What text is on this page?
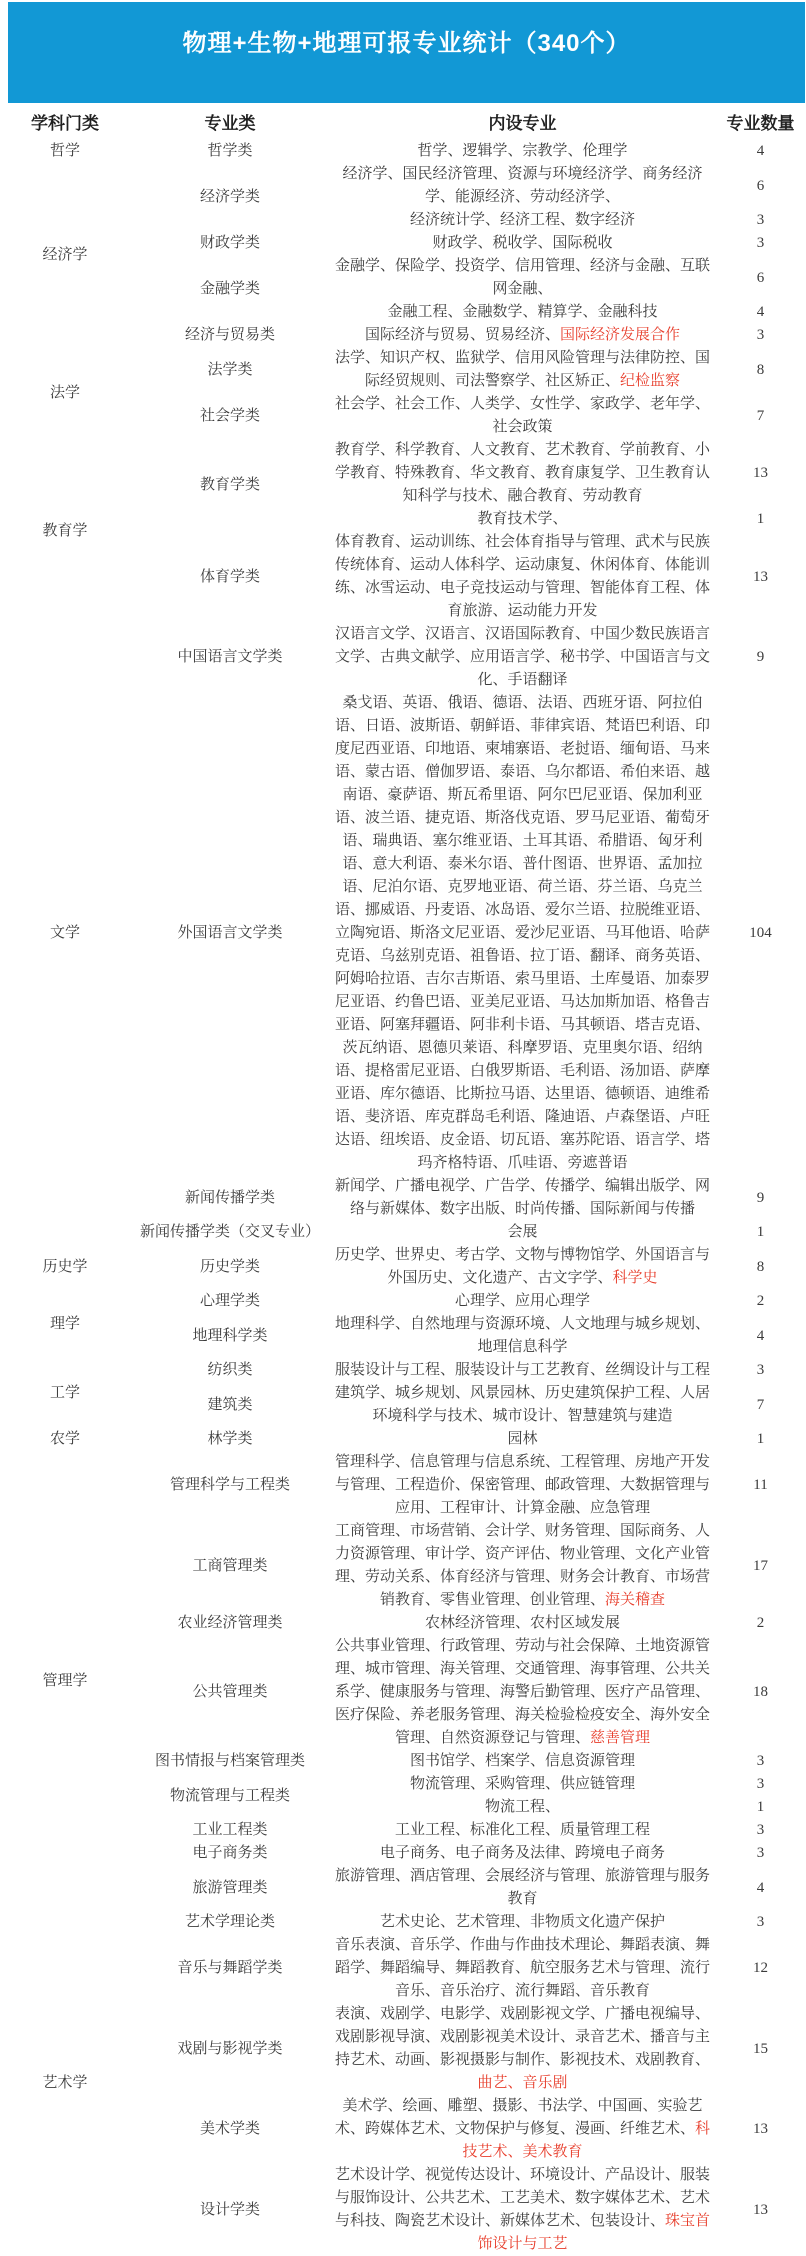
物理+生物+地理可报专业统计（340个）
学科门类	专业类	内设专业	专业数量
哲学	哲学类	哲学、逻辑学、宗教学、伦理学	4
经济学	经济学类	经济学、国民经济管理、资源与环境经济学、商务经济学、能源经济、劳动经济学、	6
		经济统计学、经济工程、数字经济	3
	财政学类	财政学、税收学、国际税收	3
	金融学类	金融学、保险学、投资学、信用管理、经济与金融、互联网金融、	6
		金融工程、金融数学、精算学、金融科技	4
	经济与贸易类	国际经济与贸易、贸易经济、国际经济发展合作	3
法学	法学类	法学、知识产权、监狱学、信用风险管理与法律防控、国际经贸规则、司法警察学、社区矫正、纪检监察	8
	社会学类	社会学、社会工作、人类学、女性学、家政学、老年学、社会政策	7
教育学	教育学类	教育学、科学教育、人文教育、艺术教育、学前教育、小学教育、特殊教育、华文教育、教育康复学、卫生教育认知科学与技术、融合教育、劳动教育	13
		教育技术学、	1
	体育学类	体育教育、运动训练、社会体育指导与管理、武术与民族传统体育、运动人体科学、运动康复、休闲体育、体能训练、冰雪运动、电子竞技运动与管理、智能体育工程、体育旅游、运动能力开发	13
文学	中国语言文学类	汉语言文学、汉语言、汉语国际教育、中国少数民族语言文学、古典文献学、应用语言学、秘书学、中国语言与文化、手语翻译	9
	外国语言文学类	桑戈语、英语、俄语、德语、法语、西班牙语、阿拉伯语、日语、波斯语、朝鲜语、菲律宾语、梵语巴利语、印度尼西亚语、印地语、柬埔寨语、老挝语、缅甸语、马来语、蒙古语、僧伽罗语、泰语、乌尔都语、希伯来语、越南语、豪萨语、斯瓦希里语、阿尔巴尼亚语、保加利亚语、波兰语、捷克语、斯洛伐克语、罗马尼亚语、葡萄牙语、瑞典语、塞尔维亚语、土耳其语、希腊语、匈牙利语、意大利语、泰米尔语、普什图语、世界语、孟加拉语、尼泊尔语、克罗地亚语、荷兰语、芬兰语、乌克兰语、挪威语、丹麦语、冰岛语、爱尔兰语、拉脱维亚语、立陶宛语、斯洛文尼亚语、爱沙尼亚语、马耳他语、哈萨克语、乌兹别克语、祖鲁语、拉丁语、翻译、商务英语、阿姆哈拉语、吉尔吉斯语、索马里语、土库曼语、加泰罗尼亚语、约鲁巴语、亚美尼亚语、马达加斯加语、格鲁吉亚语、阿塞拜疆语、阿非利卡语、马其顿语、塔吉克语、茨瓦纳语、恩德贝莱语、科摩罗语、克里奥尔语、绍纳语、提格雷尼亚语、白俄罗斯语、毛利语、汤加语、萨摩亚语、库尔德语、比斯拉马语、达里语、德顿语、迪维希语、斐济语、库克群岛毛利语、隆迪语、卢森堡语、卢旺达语、纽埃语、皮金语、切瓦语、塞苏陀语、语言学、塔玛齐格特语、爪哇语、旁遮普语	104
	新闻传播学类	新闻学、广播电视学、广告学、传播学、编辑出版学、网络与新媒体、数字出版、时尚传播、国际新闻与传播	9
	新闻传播学类（交叉专业）	会展	1
历史学	历史学类	历史学、世界史、考古学、文物与博物馆学、外国语言与外国历史、文化遗产、古文字学、科学史	8
理学	心理学类	心理学、应用心理学	2
	地理科学类	地理科学、自然地理与资源环境、人文地理与城乡规划、地理信息科学	4
工学	纺织类	服装设计与工程、服装设计与工艺教育、丝绸设计与工程	3
	建筑类	建筑学、城乡规划、风景园林、历史建筑保护工程、人居环境科学与技术、城市设计、智慧建筑与建造	7
农学	林学类	园林	1
管理学	管理科学与工程类	管理科学、信息管理与信息系统、工程管理、房地产开发与管理、工程造价、保密管理、邮政管理、大数据管理与应用、工程审计、计算金融、应急管理	11
	工商管理类	工商管理、市场营销、会计学、财务管理、国际商务、人力资源管理、审计学、资产评估、物业管理、文化产业管理、劳动关系、体育经济与管理、财务会计教育、市场营销教育、零售业管理、创业管理、海关稽查	17
	农业经济管理类	农林经济管理、农村区域发展	2
	公共管理类	公共事业管理、行政管理、劳动与社会保障、土地资源管理、城市管理、海关管理、交通管理、海事管理、公共关系学、健康服务与管理、海警后勤管理、医疗产品管理、医疗保险、养老服务管理、海关检验检疫安全、海外安全管理、自然资源登记与管理、慈善管理	18
	图书情报与档案管理类	图书馆学、档案学、信息资源管理	3
	物流管理与工程类	物流管理、采购管理、供应链管理	3
		物流工程、	1
	工业工程类	工业工程、标准化工程、质量管理工程	3
	电子商务类	电子商务、电子商务及法律、跨境电子商务	3
	旅游管理类	旅游管理、酒店管理、会展经济与管理、旅游管理与服务教育	4
艺术学	艺术学理论类	艺术史论、艺术管理、非物质文化遗产保护	3
	音乐与舞蹈学类	音乐表演、音乐学、作曲与作曲技术理论、舞蹈表演、舞蹈学、舞蹈编导、舞蹈教育、航空服务艺术与管理、流行音乐、音乐治疗、流行舞蹈、音乐教育	12
	戏剧与影视学类	表演、戏剧学、电影学、戏剧影视文学、广播电视编导、戏剧影视导演、戏剧影视美术设计、录音艺术、播音与主持艺术、动画、影视摄影与制作、影视技术、戏剧教育、曲艺、音乐剧	15
	美术学类	美术学、绘画、雕塑、摄影、书法学、中国画、实验艺术、跨媒体艺术、文物保护与修复、漫画、纤维艺术、科技艺术、美术教育	13
	设计学类	艺术设计学、视觉传达设计、环境设计、产品设计、服装与服饰设计、公共艺术、工艺美术、数字媒体艺术、艺术与科技、陶瓷艺术设计、新媒体艺术、包装设计、珠宝首饰设计与工艺	13
